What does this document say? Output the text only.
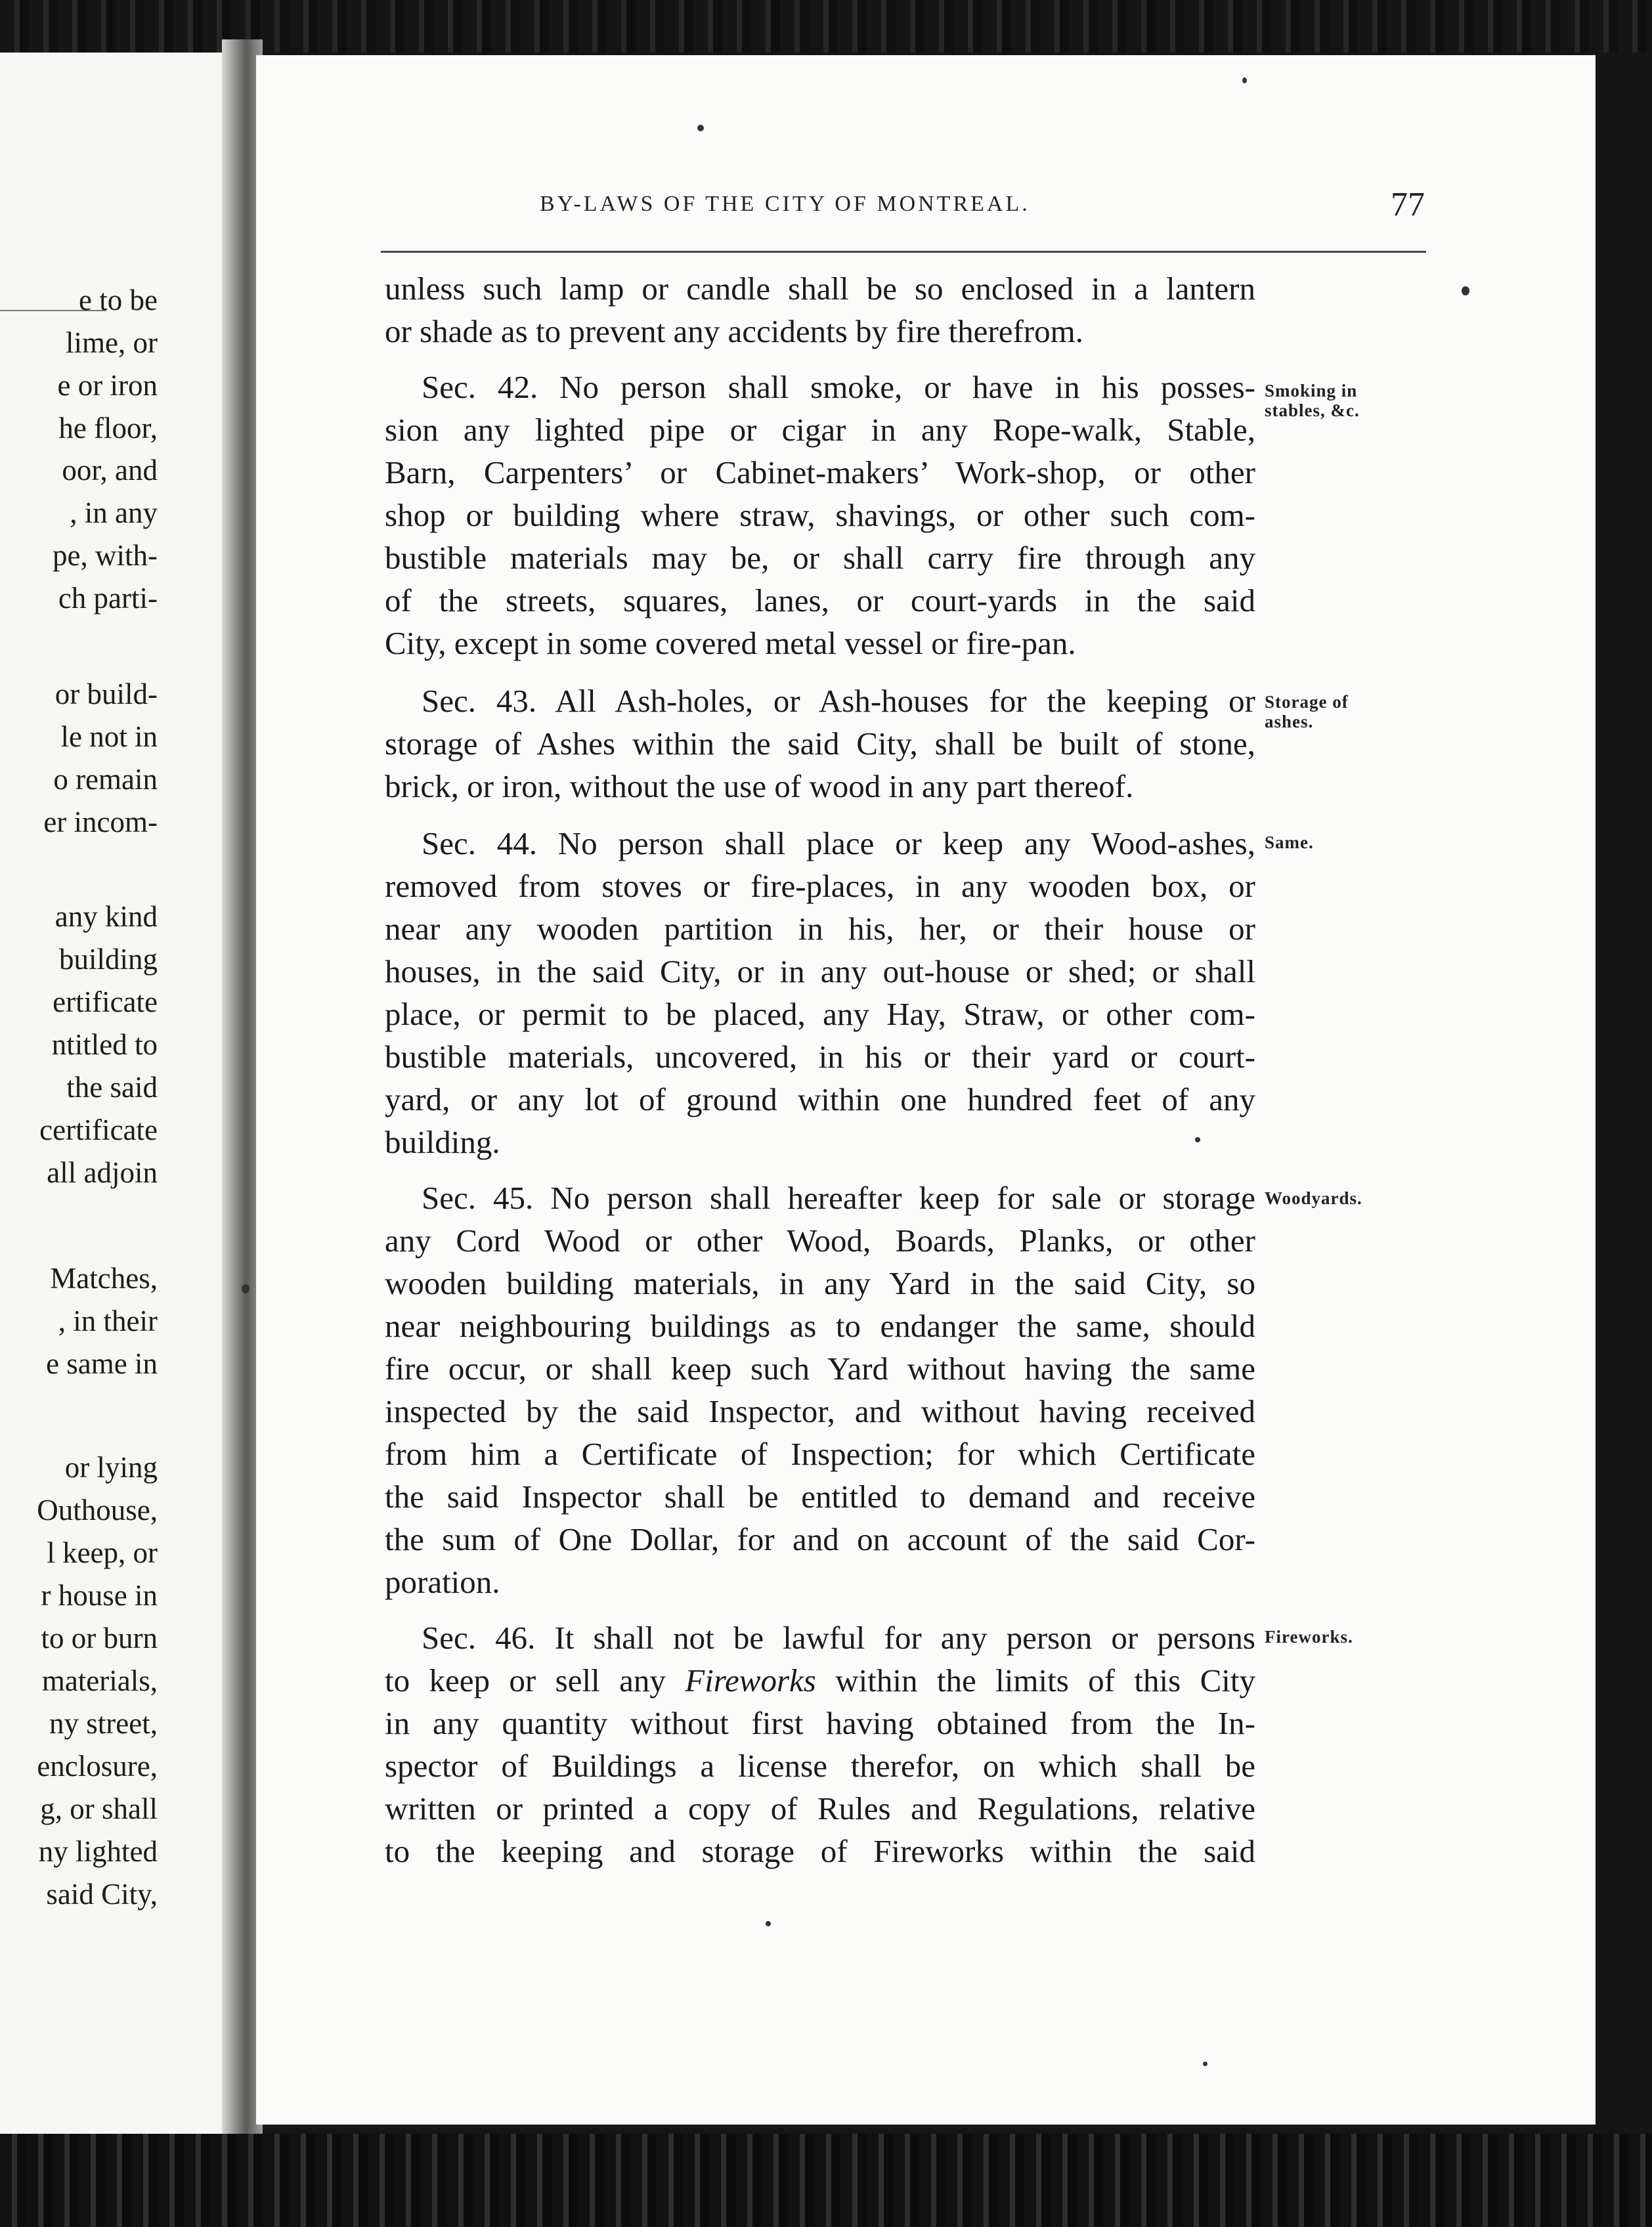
e to be

lime, or

e or iron

he floor,

oor, and

, in any

pe, with-

ch parti-

or build-

le not in

o remain

er incom-

any kind

building

ertificate

ntitled to

the said

certificate

all adjoin

Matches,

, in their

e same in

or lying

Outhouse,

l keep, or

r house in

to or burn

materials,

ny street,

enclosure,

g, or shall

ny lighted

said City,

BY-LAWS OF THE CITY OF MONTREAL.	77

unless such lamp or candle shall be so enclosed in a lantern

or shade as to prevent any accidents by fire therefrom.

Sec. 42. No person shall smoke, or have in his posses-

sion any lighted pipe or cigar in any Rope-walk, Stable,

Barn, Carpenters’ or Cabinet-makers’ Work-shop, or other

shop or building where straw, shavings, or other such com-

bustible materials may be, or shall carry fire through any

of the streets, squares, lanes, or court-yards in the said

City, except in some covered metal vessel or fire-pan.

Sec. 43. All Ash-holes, or Ash-houses for the keeping or

storage of Ashes within the said City, shall be built of stone,

brick, or iron, without the use of wood in any part thereof.

Sec. 44. No person shall place or keep any Wood-ashes,

removed from stoves or fire-places, in any wooden box, or

near any wooden partition in his, her, or their house or

houses, in the said City, or in any out-house or shed; or shall

place, or permit to be placed, any Hay, Straw, or other com-

bustible materials, uncovered, in his or their yard or court-

yard, or any lot of ground within one hundred feet of any

building.

Sec. 45. No person shall hereafter keep for sale or storage

any Cord Wood or other Wood, Boards, Planks, or other

wooden building materials, in any Yard in the said City, so

near neighbouring buildings as to endanger the same, should

fire occur, or shall keep such Yard without having the same

inspected by the said Inspector, and without having received

from him a Certificate of Inspection; for which Certificate

the said Inspector shall be entitled to demand and receive

the sum of One Dollar, for and on account of the said Cor-

poration.

Sec. 46. It shall not be lawful for any person or persons

to keep or sell any Fireworks within the limits of this City

in any quantity without first having obtained from the In-

spector of Buildings a license therefor, on which shall be

written or printed a copy of Rules and Regulations, relative

to the keeping and storage of Fireworks within the said

Smoking in stables, &c.

Storage of ashes.

Same.

Woodyards.

Fireworks.
